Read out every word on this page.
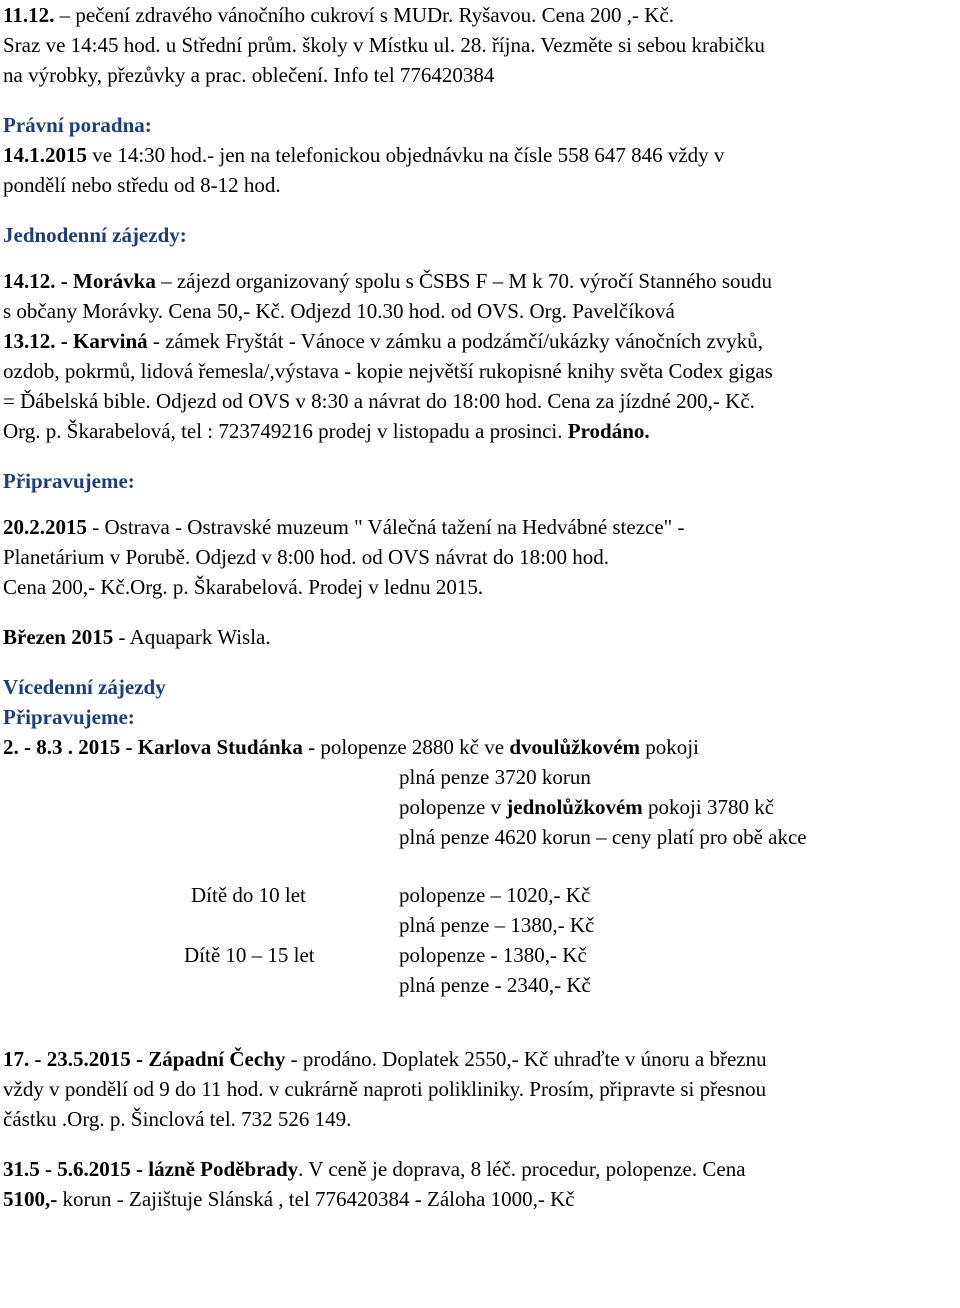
11.12. – pečení zdravého vánočního cukroví s MUDr. Ryšavou. Cena 200 ,- Kč.
Sraz ve 14:45 hod. u Střední prům. školy v Místku ul. 28. října. Vezměte si sebou krabičku
na výrobky, přezůvky a prac. oblečení. Info tel 776420384
Právní poradna:
14.1.2015 ve 14:30 hod.- jen na telefonickou objednávku na čísle 558 647 846 vždy v
pondělí nebo středu od 8-12 hod.
Jednodenní zájezdy:
14.12. - Morávka – zájezd organizovaný spolu s ČSBS F – M k 70. výročí Stanného soudu
s občany Morávky. Cena 50,- Kč. Odjezd 10.30 hod. od OVS. Org. Pavelčíková
13.12. - Karviná - zámek Fryštát - Vánoce v zámku a podzámčí/ukázky vánočních zvyků,
ozdob, pokrmů, lidová řemesla/,výstava - kopie největší rukopisné knihy světa Codex gigas
= Ďábelská bible. Odjezd od OVS v 8:30 a návrat do 18:00 hod. Cena za jízdné 200,- Kč.
Org. p. Škarabelová, tel : 723749216 prodej v listopadu a prosinci. Prodáno.
Připravujeme:
20.2.2015 - Ostrava - Ostravské muzeum " Válečná tažení na Hedvábné stezce" -
Planetárium v Porubě. Odjezd v 8:00 hod. od OVS návrat do 18:00 hod.
Cena 200,- Kč.Org. p. Škarabelová. Prodej v lednu 2015.
Březen 2015 - Aquapark Wisla.
Vícedenní zájezdy
Připravujeme:
2. - 8.3 . 2015 - Karlova Studánka - polopenze 2880 kč ve dvoulůžkovém pokoji
plná penze 3720 korun
polopenze v jednolůžkovém pokoji 3780 kč
plná penze 4620 korun – ceny platí pro obě akce
Dítě do 10 let	polopenze – 1020,- Kč
plná penze – 1380,- Kč
Dítě 10 – 15 let	polopenze - 1380,- Kč
plná penze - 2340,- Kč
17. - 23.5.2015 - Západní Čechy - prodáno. Doplatek 2550,- Kč uhraďte v únoru a březnu
vždy v pondělí od 9 do 11 hod. v cukrárně naproti polikliniky. Prosím, připravte si přesnou
částku .Org. p. Šinclová tel. 732 526 149.
31.5 - 5.6.2015 - lázně Poděbrady. V ceně je doprava, 8 léč. procedur, polopenze. Cena
5100,- korun - Zajištuje Slánská , tel 776420384 - Záloha 1000,- Kč
